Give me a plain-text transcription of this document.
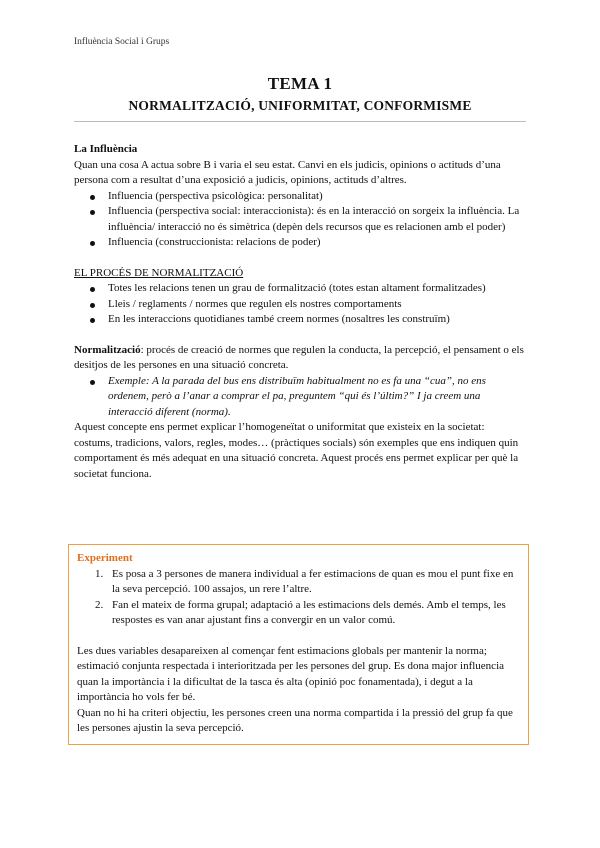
Influència Social i Grups
TEMA 1
NORMALITZACIÓ, UNIFORMITAT, CONFORMISME

La Influència

Quan una cosa A actua sobre B i varia el seu estat. Canvi en els judicis, opinions o actituds d’una persona com a resultat d’una exposició a judicis, opinions, actituds d’altres.

Influencia (perspectiva psicològica: personalitat)
Influencia (perspectiva social: interaccionista): és en la interacció on sorgeix la influència. La influència/ interacció no és simètrica (depèn dels recursos que es relacionen amb el poder)
Influencia (construccionista: relacions de poder)

EL PROCÉS DE NORMALITZACIÓ

Totes les relacions tenen un grau de formalització (totes estan altament formalitzades)
Lleis / reglaments / normes que regulen els nostres comportaments
En les interaccions quotidianes també creem normes (nosaltres les construïm)

Normalització: procés de creació de normes que regulen la conducta, la percepció, el pensament o els desitjos de les persones en una situació concreta.

Exemple: A la parada del bus ens distribuïm habitualment no es fa una “cua”, no ens ordenem, però a l’anar a comprar el pa, preguntem “qui és l’últim?” I ja creem una interacció diferent (norma).

Aquest concepte ens permet explicar l’homogeneïtat o uniformitat que existeix en la societat: costums, tradicions, valors, regles, modes… (pràctiques socials) són exemples que ens indiquen quin comportament és més adequat en una situació concreta. Aquest procés ens permet explicar per què la societat funciona.

Experiment

1. Es posa a 3 persones de manera individual a fer estimacions de quan es mou el punt fixe en la seva percepció. 100 assajos, un rere l’altre.
2. Fan el mateix de forma grupal; adaptació a les estimacions dels demés. Amb el temps, les respostes es van anar ajustant fins a convergir en un valor comú.

Les dues variables desapareixen al començar fent estimacions globals per mantenir la norma; estimació conjunta respectada i interioritzada per les persones del grup. Es dona major influencia quan la importància i la dificultat de la tasca és alta (opinió poc fonamentada), i degut a la importància ho vols fer bé.

Quan no hi ha criteri objectiu, les persones creen una norma compartida i la pressió del grup fa que les persones ajustin la seva percepció.
